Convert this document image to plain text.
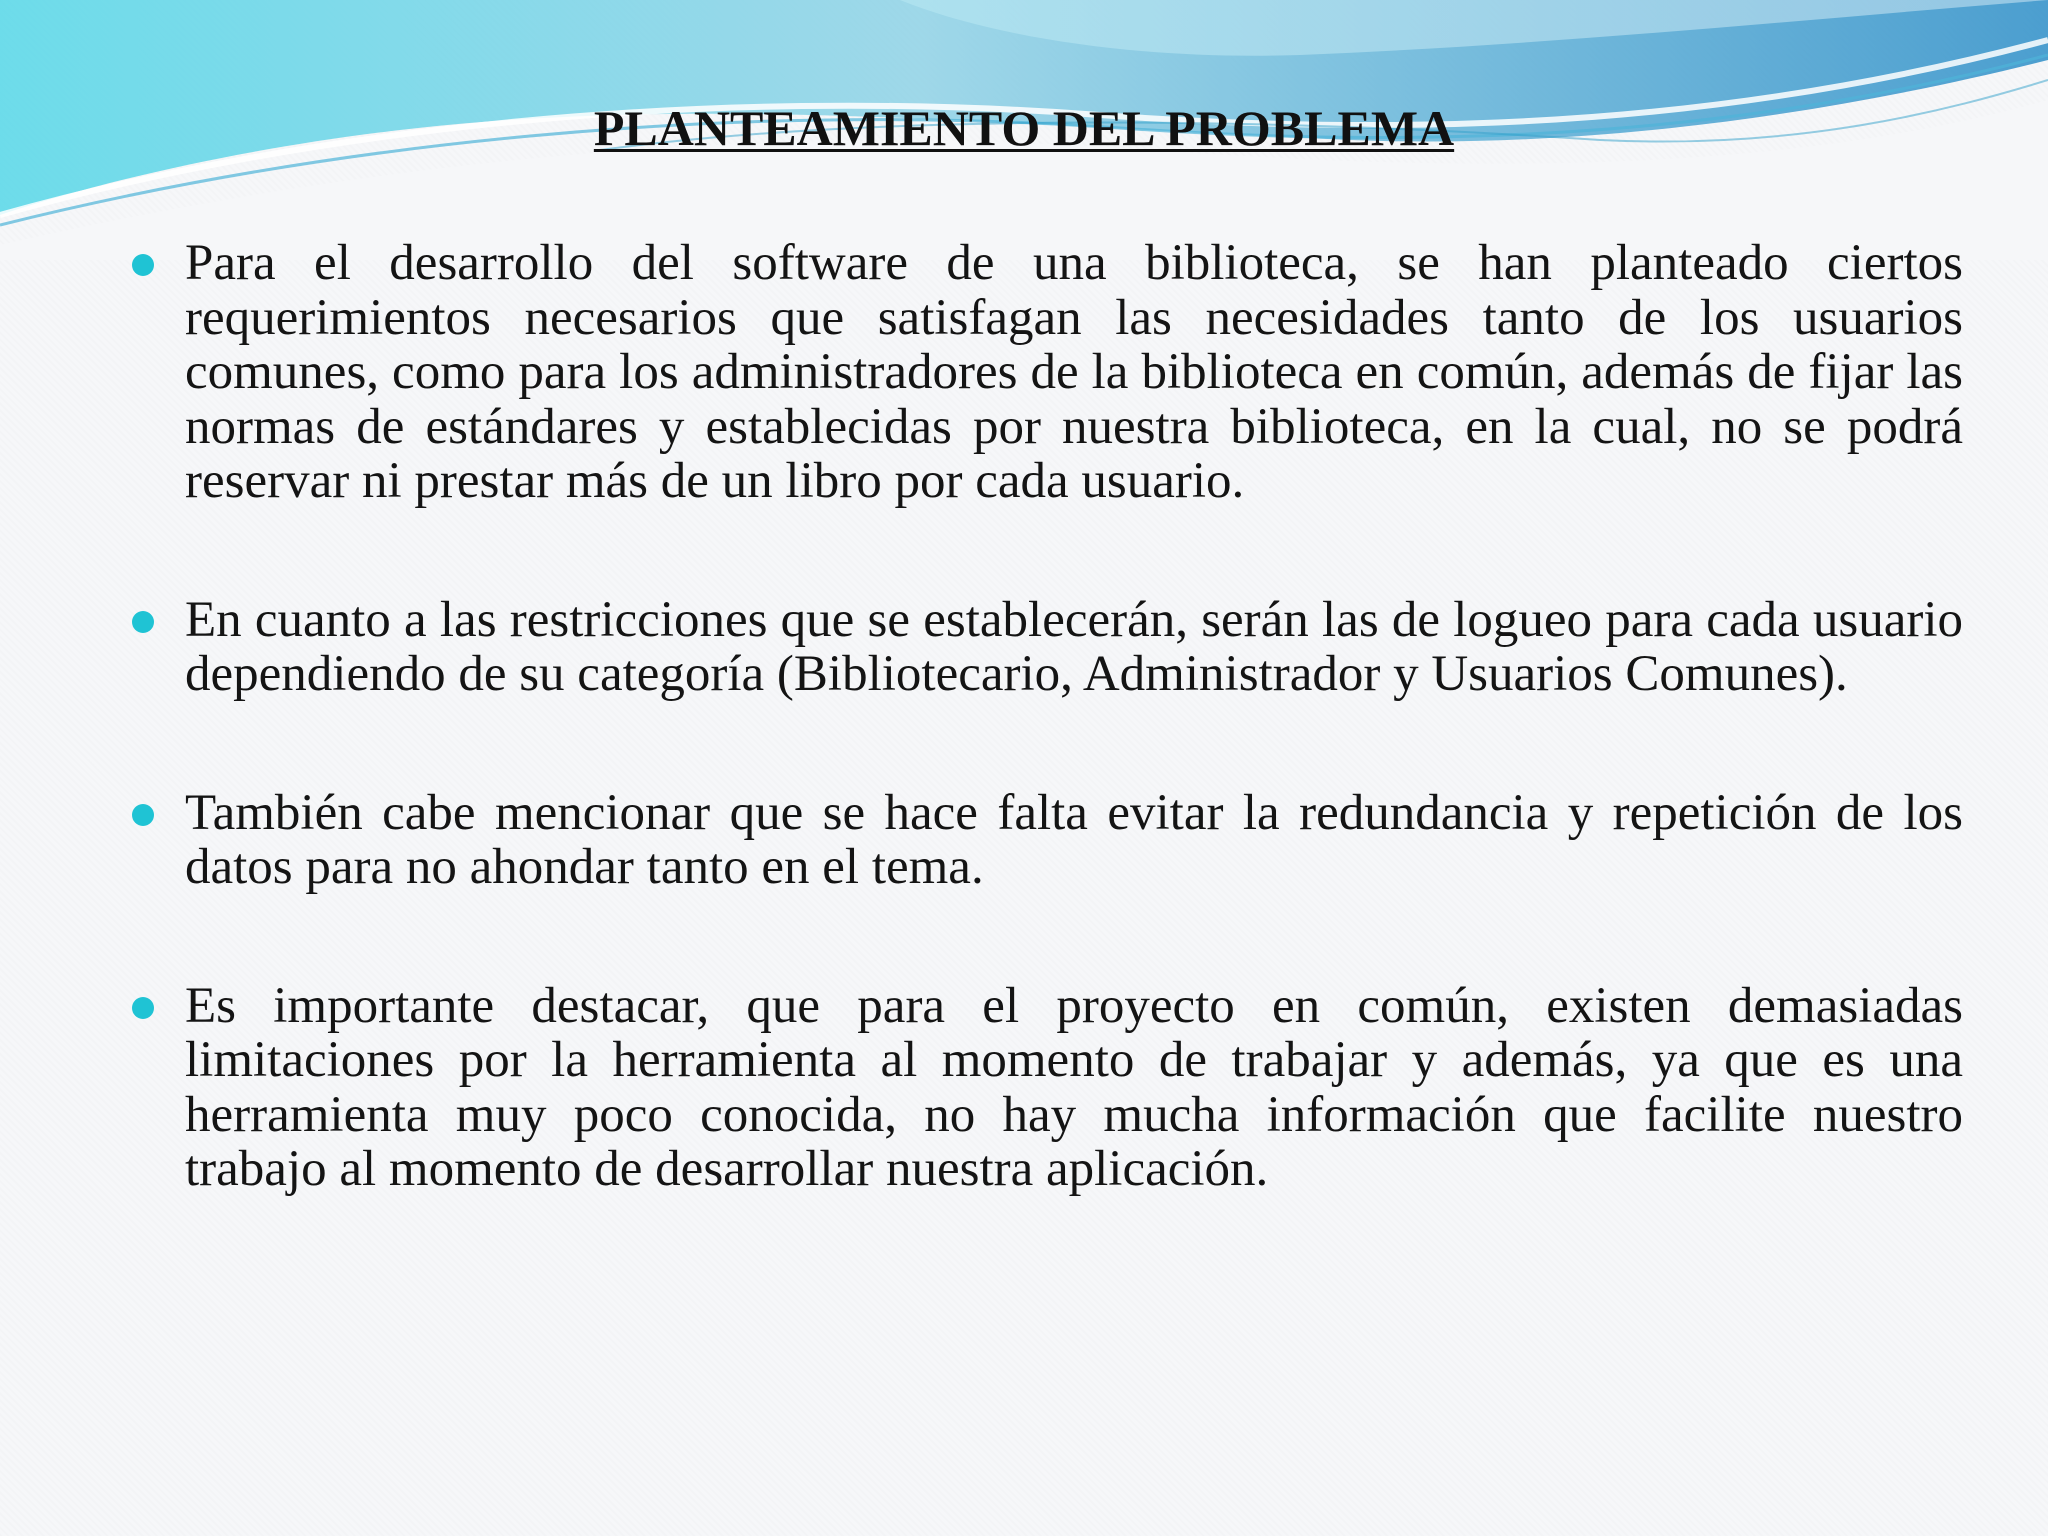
PLANTEAMIENTO DEL PROBLEMA
Para el desarrollo del software de una biblioteca, se han planteado ciertos requerimientos necesarios que satisfagan las necesidades tanto de los usuarios comunes, como para los administradores de la biblioteca en común, además de fijar las normas de estándares y establecidas por nuestra biblioteca, en la cual, no se podrá reservar ni prestar más de un libro por cada usuario.
En cuanto a las restricciones que se establecerán, serán las de logueo para cada usuario dependiendo de su categoría (Bibliotecario, Administrador y Usuarios Comunes).
También cabe mencionar que se hace falta evitar la redundancia y repetición de los datos para no ahondar tanto en el tema.
Es importante destacar, que para el proyecto en común, existen demasiadas limitaciones por la herramienta al momento de trabajar y además, ya que es una herramienta muy poco conocida, no hay mucha información que facilite nuestro trabajo al momento de desarrollar nuestra aplicación.
